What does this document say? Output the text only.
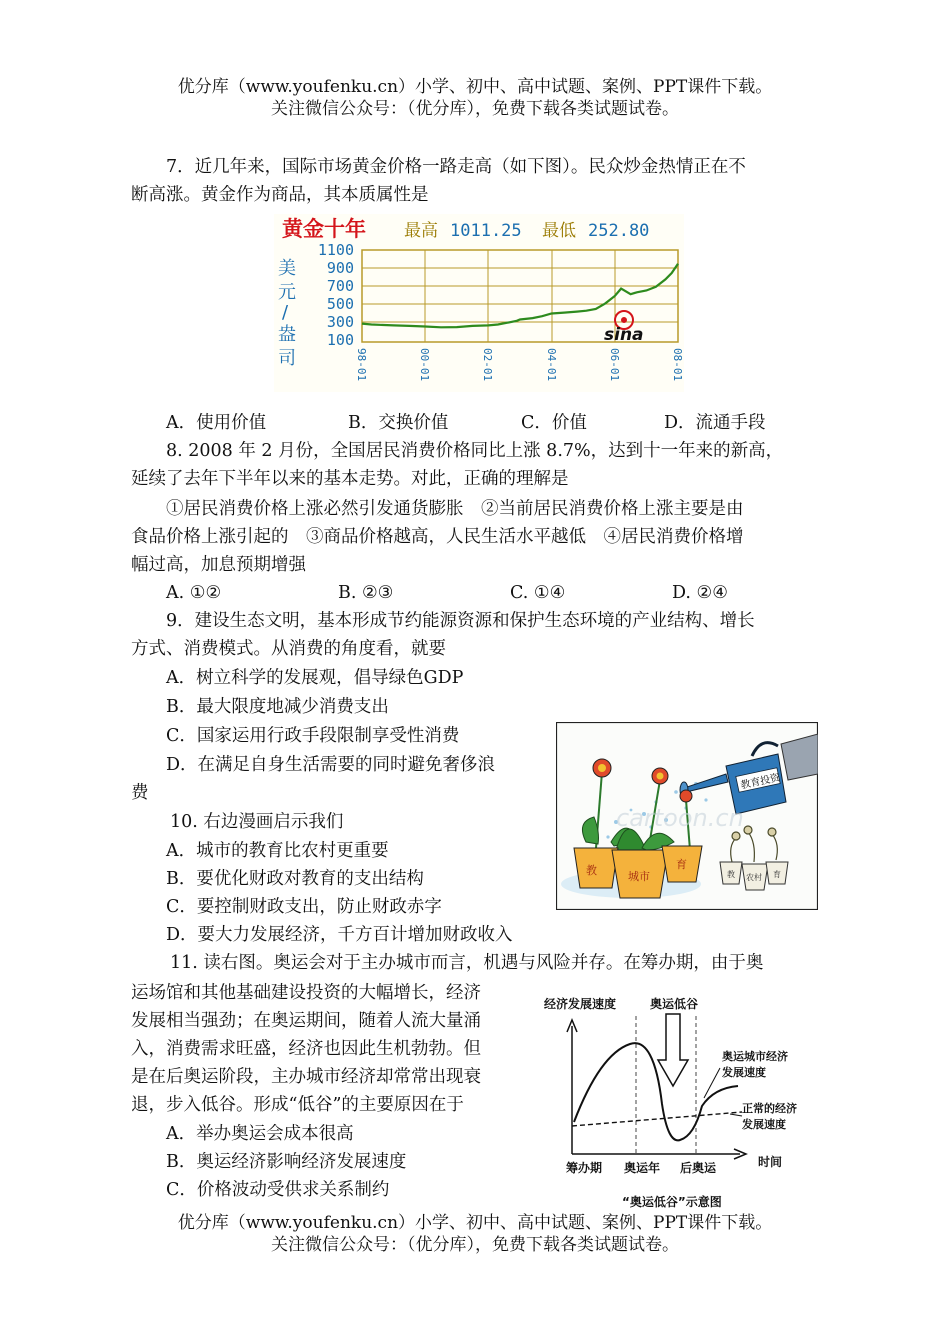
优分库（www.youfenku.cn）小学、初中、高中试题、案例、PPT课件下载。
关注微信公众号：（优分库），免费下载各类试题试卷。
7．近几年来，国际市场黄金价格一路走高（如下图）。民众炒金热情正在不
断高涨。黄金作为商品，其本质属性是
黄金十年 最高 1011.25 最低 252.80
美
元
/
盎
司
1100
900
700
500
300
100	sina
98-01	00-01	02-01	04-01	06-01	08-01
A．使用价值	B．交换价值	C．价值	D．流通手段
8. 2008 年 2 月份，全国居民消费价格同比上涨 8.7%，达到十一年来的新高，
延续了去年下半年以来的基本走势。对此，正确的理解是
①居民消费价格上涨必然引发通货膨胀　②当前居民消费价格上涨主要是由
食品价格上涨引起的　③商品价格越高，人民生活水平越低　④居民消费价格增
幅过高，加息预期增强
A. ①②	B. ②③	C. ①④	D. ②④
9．建设生态文明，基本形成节约能源资源和保护生态环境的产业结构、增长
方式、消费模式。从消费的角度看，就要
A．树立科学的发展观，倡导绿色GDP
B．最大限度地减少消费支出
C．国家运用行政手段限制享受性消费
D．在满足自身生活需要的同时避免奢侈浪
费
教育投资
教	城市
育
教 农村 育
cartoon.cn
10. 右边漫画启示我们
A．城市的教育比农村更重要
B．要优化财政对教育的支出结构
C．要控制财政支出，防止财政赤字
D．要大力发展经济，千方百计增加财政收入
11. 读右图。奥运会对于主办城市而言，机遇与风险并存。在筹办期，由于奥
运场馆和其他基础建设投资的大幅增长，经济
发展相当强劲；在奥运期间，随着人流大量涌
入，消费需求旺盛，经济也因此生机勃勃。但
是在后奥运阶段，主办城市经济却常常出现衰
退，步入低谷。形成“低谷”的主要原因在于
A．举办奥运会成本很高
B．奥运经济影响经济发展速度
C．价格波动受供求关系制约
经济发展速度	奥运低谷
奥运城市经济
发展速度
正常的经济
发展速度
筹办期 奥运年 后奥运	时间
“奥运低谷”示意图
优分库（www.youfenku.cn）小学、初中、高中试题、案例、PPT课件下载。
关注微信公众号：（优分库），免费下载各类试题试卷。
